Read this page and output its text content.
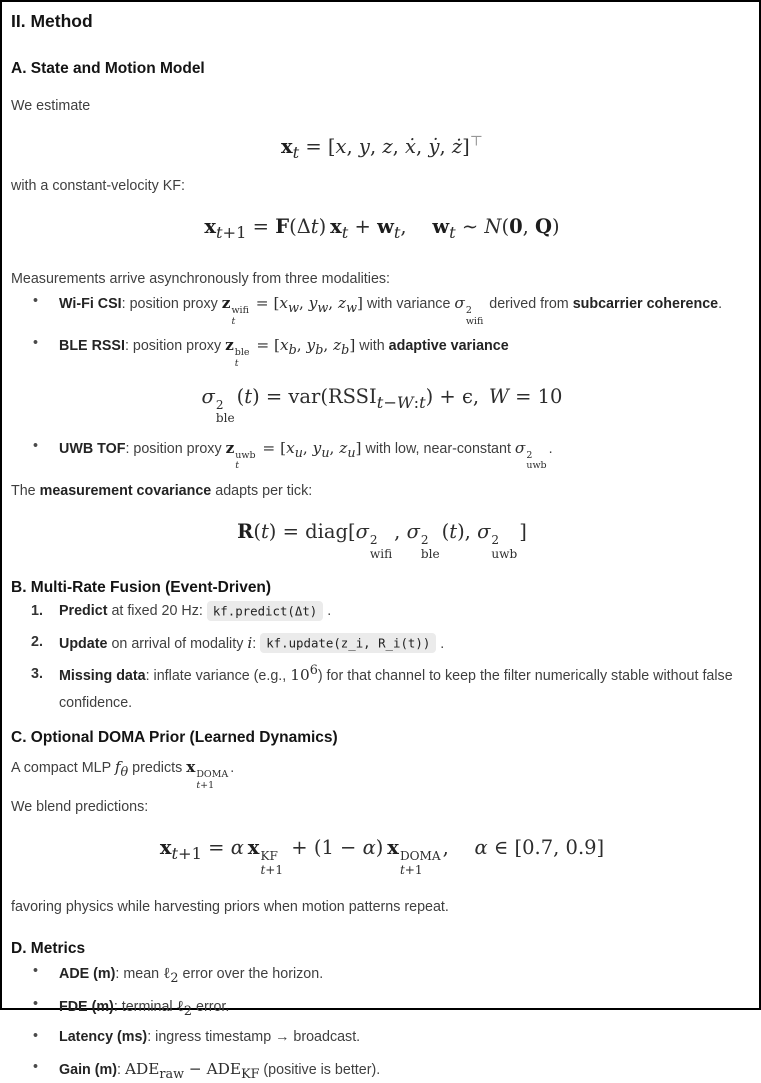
II. Method
A. State and Motion Model

We estimate

$x_t = [x$, y, z, ẋ, ẏ, ż]⊤

with a constant-velocity KF:

$x_{t+1} = F(\Delta t) x_t + w_t$,  $w_t$ ∼ N(0, Q)

Measurements arrive asynchronously from three modalities:

• Wi-Fi CSI: position proxy z wifi
t
= [$x_w$, $y_w$, $z_w$] with variance σ 2
wifi
derived from subcarrier coherence.
• BLE RSSI: position proxy z ble
t
= [$x_b$, $y_b$, $z_b$] with adaptive variance
σ 2
ble
$(t) = var(RSSI_{t-W:t}) + \epsilon$, W = 10
• UWB TOF: position proxy z uwb
t
= [$x_u$, $y_u$, $z_u$] with low, near-constant σ 2
uwb
.

The measurement covariance adapts per tick:

R(t) = diag[σ 2
wifi
, σ 2
ble
(t), σ 2
uwb
]
B. Multi-Rate Fusion (Event-Driven)
Predict at fixed 20 Hz: kf.predict(Δt) .
Update on arrival of modality i: kf.update(z_i, R_i(t)) .
Missing data: inflate variance (e.g., $10^6$) for that channel to keep the filter numerically stable without false confidence.
C. Optional DOMA Prior (Learned Dynamics)

A compact MLP $f_\theta$ predicts x DOMA
t+1
.

We blend predictions:

$x_{t+1} = \alpha$  x KF
t+1
+ (1 − α) x DOMA
t+1
,  α ∈ [0.7, 0.9]

favoring physics while harvesting priors when motion patterns repeat.

D. Metrics
• ADE (m): mean ℓ$_2$ error over the horizon.
• FDE (m): terminal ℓ$_2$ error.
• Latency (ms): ingress timestamp → broadcast.
• Gain (m): $ADE_{raw} - ADE_{KF}$ (positive is better).
